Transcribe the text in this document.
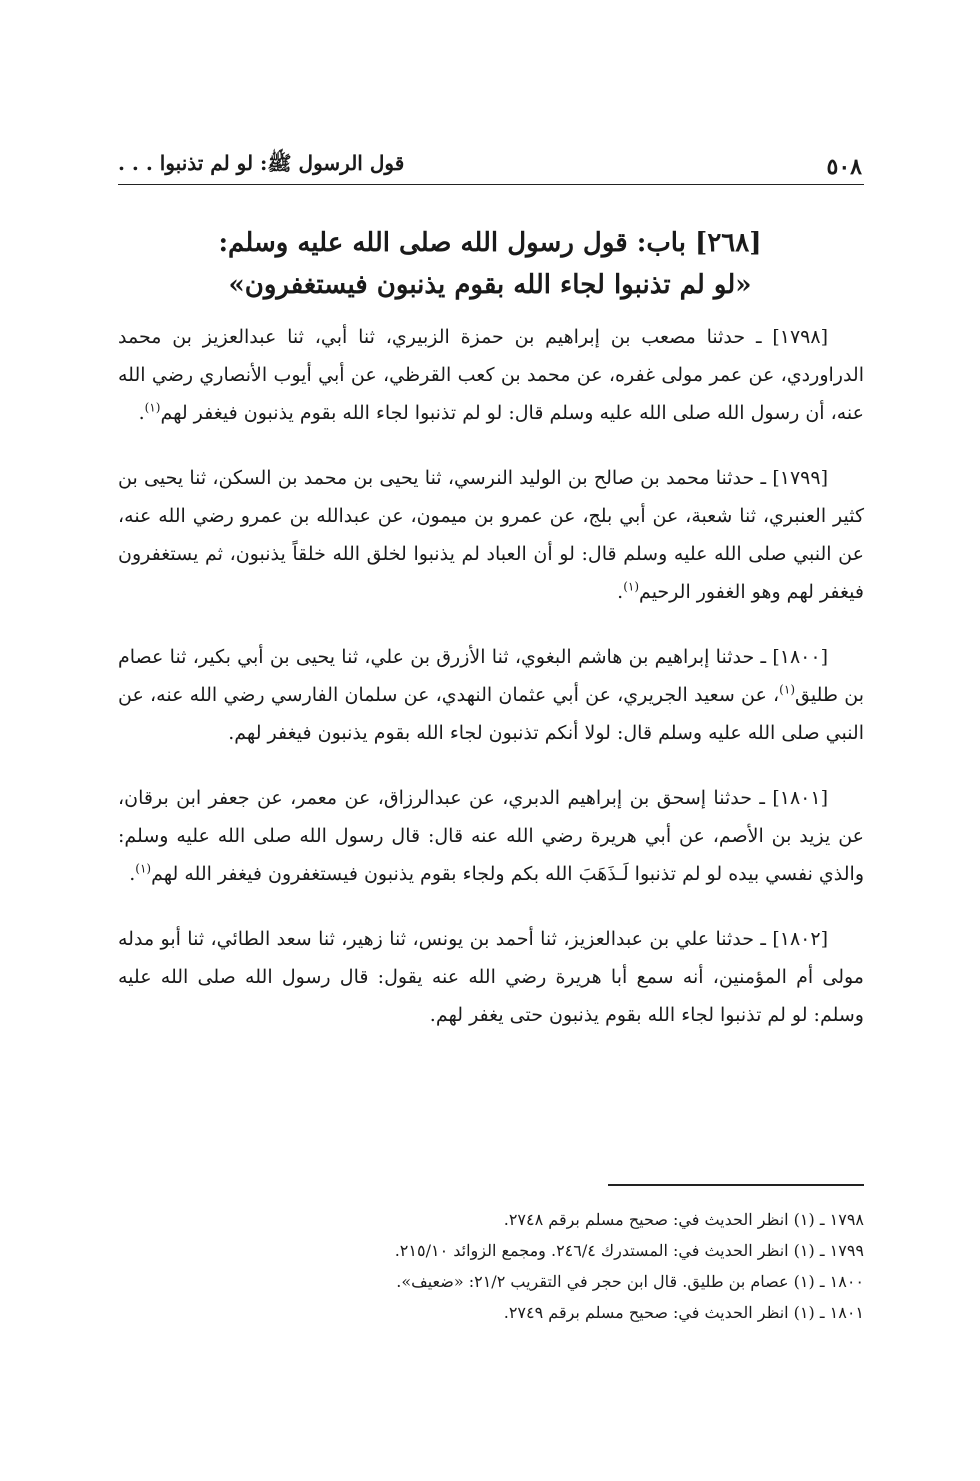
٥٠٨
قول الرسول ﷺ: لو لم تذنبوا . . .
[٢٦٨] باب: قول رسول الله صلى الله عليه وسلم:
«لو لم تذنبوا لجاء الله بقوم يذنبون فيستغفرون»

[١٧٩٨] ـ حدثنا مصعب بن إبراهيم بن حمزة الزبيري، ثنا أبي، ثنا عبدالعزيز بن محمد الدراوردي، عن عمر مولى غفره، عن محمد بن كعب القرظي، عن أبي أيوب الأنصاري رضي الله عنه، أن رسول الله صلى الله عليه وسلم قال: لو لم تذنبوا لجاء الله بقوم يذنبون فيغفر لهم$^{(١)}$.

[١٧٩٩] ـ حدثنا محمد بن صالح بن الوليد النرسي، ثنا يحيى بن محمد بن السكن، ثنا يحيى بن كثير العنبري، ثنا شعبة، عن أبي بلج، عن عمرو بن ميمون، عن عبدالله بن عمرو رضي الله عنه، عن النبي صلى الله عليه وسلم قال: لو أن العباد لم يذنبوا لخلق الله خلقاً يذنبون، ثم يستغفرون فيغفر لهم وهو الغفور الرحيم$^{(١)}$.

[١٨٠٠] ـ حدثنا إبراهيم بن هاشم البغوي، ثنا الأزرق بن علي، ثنا يحيى بن أبي بكير، ثنا عصام بن طليق$^{(١)}$، عن سعيد الجريري، عن أبي عثمان النهدي، عن سلمان الفارسي رضي الله عنه، عن النبي صلى الله عليه وسلم قال: لولا أنكم تذنبون لجاء الله بقوم يذنبون فيغفر لهم.

[١٨٠١] ـ حدثنا إسحق بن إبراهيم الدبري، عن عبدالرزاق، عن معمر، عن جعفر ابن برقان، عن يزيد بن الأصم، عن أبي هريرة رضي الله عنه قال: قال رسول الله صلى الله عليه وسلم: والذي نفسي بيده لو لم تذنبوا لَـذَهَبَ الله بكم ولجاء بقوم يذنبون فيستغفرون فيغفر الله لهم$^{(١)}$.

[١٨٠٢] ـ حدثنا علي بن عبدالعزيز، ثنا أحمد بن يونس، ثنا زهير، ثنا سعد الطائي، ثنا أبو مدله مولى أم المؤمنين، أنه سمع أبا هريرة رضي الله عنه يقول: قال رسول الله صلى الله عليه وسلم: لو لم تذنبوا لجاء الله بقوم يذنبون حتى يغفر لهم.

١٧٩٨ ـ (١) انظر الحديث في: صحيح مسلم برقم ٢٧٤٨.
١٧٩٩ ـ (١) انظر الحديث في: المستدرك ٢٤٦/٤. ومجمع الزوائد ٢١٥/١٠.
١٨٠٠ ـ (١) عصام بن طليق. قال ابن حجر في التقريب ٢١/٢: «ضعيف».
١٨٠١ ـ (١) انظر الحديث في: صحيح مسلم برقم ٢٧٤٩.
